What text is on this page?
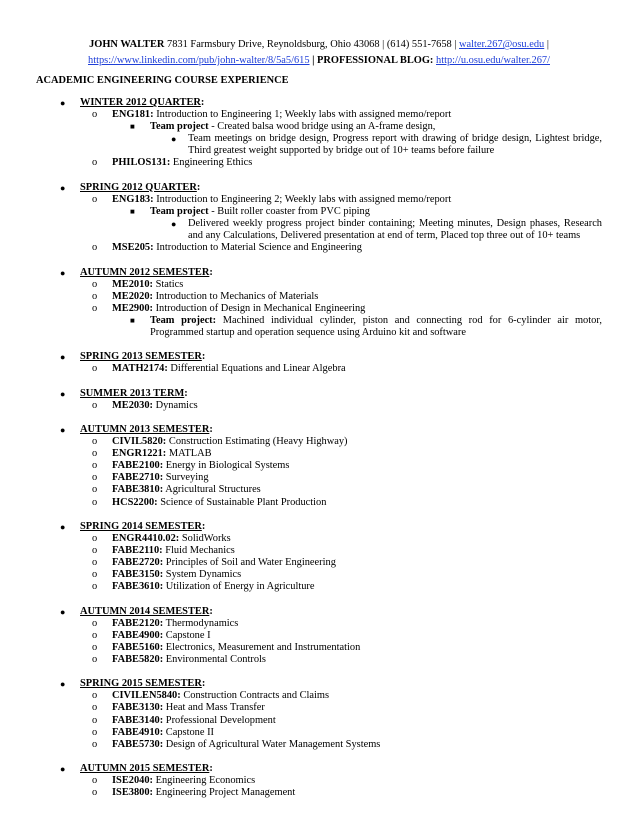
JOHN WALTER 7831 Farmsbury Drive, Reynoldsburg, Ohio 43068 | (614) 551-7658 | walter.267@osu.edu |
https://www.linkedin.com/pub/john-walter/8/5a5/615 | PROFESSIONAL BLOG: http://u.osu.edu/walter.267/
ACADEMIC ENGINEERING COURSE EXPERIENCE
● WINTER 2012 QUARTER:
o ENG181: Introduction to Engineering 1; Weekly labs with assigned memo/report
■ Team project - Created balsa wood bridge using an A-frame design,
● Team meetings on bridge design, Progress report with drawing of bridge design, Lightest bridge, Third greatest weight supported by bridge out of 10+ teams before failure
o PHILOS131: Engineering Ethics
● SPRING 2012 QUARTER:
o ENG183: Introduction to Engineering 2; Weekly labs with assigned memo/report
■ Team project - Built roller coaster from PVC piping
● Delivered weekly progress project binder containing; Meeting minutes, Design phases, Research and any Calculations, Delivered presentation at end of term, Placed top three out of 10+ teams
o MSE205: Introduction to Material Science and Engineering
● AUTUMN 2012 SEMESTER:
o ME2010: Statics
o ME2020: Introduction to Mechanics of Materials
o ME2900: Introduction of Design in Mechanical Engineering
■ Team project: Machined individual cylinder, piston and connecting rod for 6-cylinder air motor, Programmed startup and operation sequence using Arduino kit and software
● SPRING 2013 SEMESTER:
o MATH2174: Differential Equations and Linear Algebra
● SUMMER 2013 TERM:
o ME2030: Dynamics
● AUTUMN 2013 SEMESTER:
o CIVIL5820: Construction Estimating (Heavy Highway)
o ENGR1221: MATLAB
o FABE2100: Energy in Biological Systems
o FABE2710: Surveying
o FABE3810: Agricultural Structures
o HCS2200: Science of Sustainable Plant Production
● SPRING 2014 SEMESTER:
o ENGR4410.02: SolidWorks
o FABE2110: Fluid Mechanics
o FABE2720: Principles of Soil and Water Engineering
o FABE3150: System Dynamics
o FABE3610: Utilization of Energy in Agriculture
● AUTUMN 2014 SEMESTER:
o FABE2120: Thermodynamics
o FABE4900: Capstone I
o FABE5160: Electronics, Measurement and Instrumentation
o FABE5820: Environmental Controls
● SPRING 2015 SEMESTER:
o CIVILEN5840: Construction Contracts and Claims
o FABE3130: Heat and Mass Transfer
o FABE3140: Professional Development
o FABE4910: Capstone II
o FABE5730: Design of Agricultural Water Management Systems
● AUTUMN 2015 SEMESTER:
o ISE2040: Engineering Economics
o ISE3800: Engineering Project Management
